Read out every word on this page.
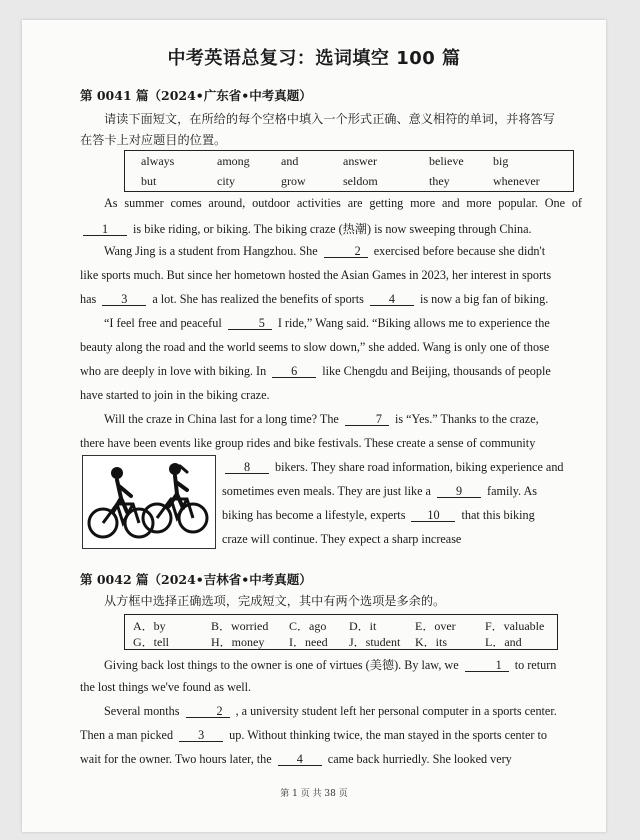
中考英语总复习：选词填空 100 篇
第 0041 篇（2024•广东省•中考真题）
请读下面短文，在所给的每个空格中填入一个形式正确、意义相符的单词，并将答写
在答卡上对应题目的位置。
always	among	and	answer	believe big
but	city	grow	seldom	they	whenever
As summer comes around, outdoor activities are getting more and more popular. One of
1 is bike riding, or biking. The biking craze (热潮) is now sweeping through China.
Wang Jing is a student from Hangzhou. She	2 exercised before because she didn't
like sports much. But since her hometown hosted the Asian Games in 2023, her interest in sports
has 3 a lot. She has realized the benefits of sports 4 is now a big fan of biking.
“I feel free and peaceful	5 I ride,” Wang said. “Biking allows me to experience the
beauty along the road and the world seems to slow down,” she added. Wang is only one of those
who are deeply in love with biking. In 6 like Chengdu and Beijing, thousands of people
have started to join in the biking craze.
Will the craze in China last for a long time? The	7 is “Yes.” Thanks to the craze,
there have been events like group rides and bike festivals. These create a sense of community
8 bikers. They share road information, biking experience and
sometimes even meals. They are just like a 9 family. As
biking has become a lifestyle, experts 10 that this biking
craze will continue. They expect a sharp increase
第 0042 篇（2024•吉林省•中考真题）
从方框中选择正确选项，完成短文，其中有两个选项是多余的。
A．by	B．worried C．ago D．it	E．over F．valuable
G．tell	H．money I．need J．student K．its	L．and
Giving back lost things to the owner is one of virtues (美德). By law, we	1 to return
the lost things we've found as well.
Several months	2 , a university student left her personal computer in a sports center.
Then a man picked 3 up. Without thinking twice, the man stayed in the sports center to
wait for the owner. Two hours later, the 4 came back hurriedly. She looked very
第 1 页 共 38 页
